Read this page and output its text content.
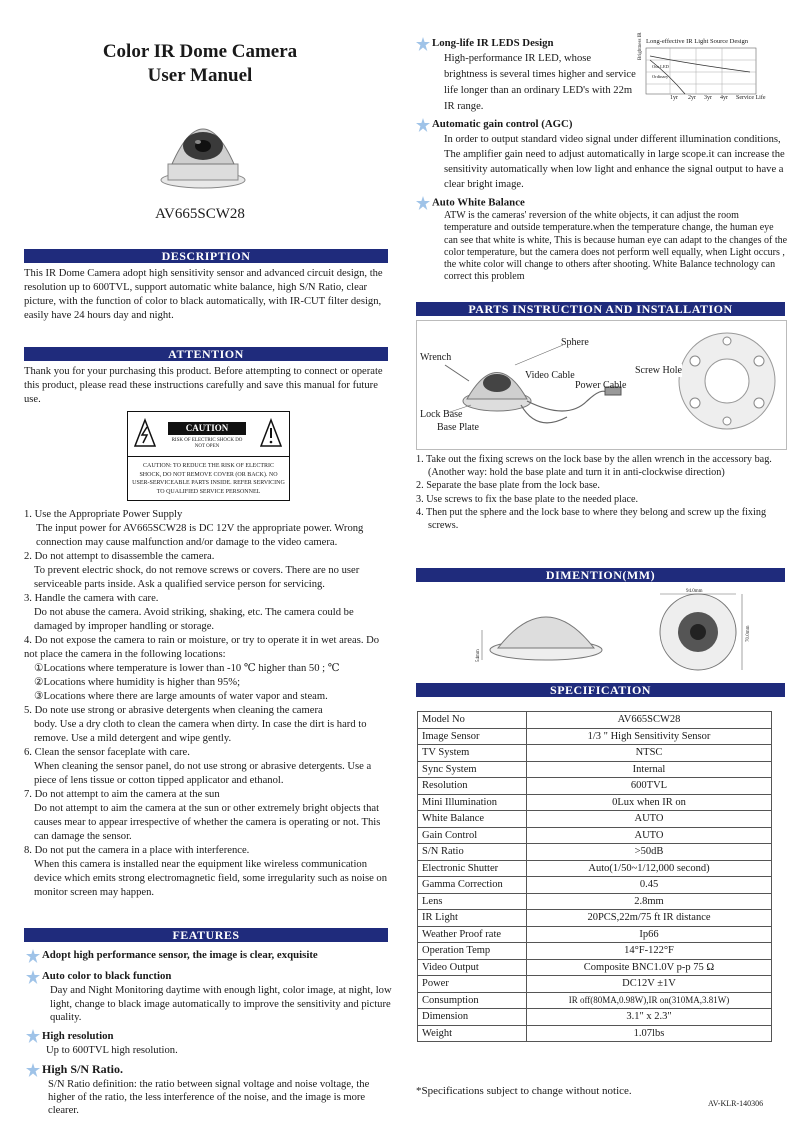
Color IR Dome Camera
User Manuel
AV665SCW28
DESCRIPTION
This IR Dome Camera adopt high sensitivity sensor and advanced circuit design, the resolution up to 600TVL, support automatic white balance, high S/N Ratio, clear picture, with the function of color to black automatically, with IR-CUT filter design, easily have 24 hours day and night.
ATTENTION
Thank you for your purchasing this product. Before attempting to connect or operate this product, please read these instructions carefully and save this manual for future use.
CAUTION
RISK OF ELECTRIC SHOCK DO NOT OPEN
CAUTION: TO REDUCE THE RISK OF ELECTRIC SHOCK, DO NOT REMOVE COVER (OR BACK). NO USER-SERVICEABLE PARTS INSIDE. REFER SERVICING TO QUALIFIED SERVICE PERSONNEL
1. Use the Appropriate Power Supply
The input power for AV665SCW28 is DC 12V the appropriate power. Wrong connection may cause malfunction and/or damage to the video camera.
2. Do not attempt to disassemble the camera.
To prevent electric shock, do not remove screws or covers. There are no user serviceable parts inside. Ask a qualified service person for servicing.
3. Handle the camera with care.
Do not abuse the camera. Avoid striking, shaking, etc. The camera could be damaged by improper handling or storage.
4. Do not expose the camera to rain or moisture, or try to operate it in wet areas. Do not place the camera in the following locations:
①Locations where temperature is lower than -10 ℃ higher than 50 ; ℃
②Locations where humidity is higher than 95%;
③Locations where there are large amounts of water vapor and steam.
5. Do note use strong or abrasive detergents when cleaning the camera
body. Use a dry cloth to clean the camera when dirty. In case the dirt is hard to remove. Use a mild detergent and wipe gently.
6. Clean the sensor faceplate with care.
When cleaning the sensor panel, do not use strong or abrasive detergents. Use a piece of lens tissue or cotton tipped applicator and ethanol.
7. Do not attempt to aim the camera at the sun
Do not attempt to aim the camera at the sun or other extremely bright objects that causes mear to appear irrespective of whether the camera is operating or not. This can damage the sensor.
8. Do not put the camera in a place with interference.
When this camera is installed near the equipment like wireless communication device which emits strong electromagnetic field, some irregularity such as noise on monitor screen may happen.
FEATURES
Adopt high performance sensor, the image is clear, exquisite
Auto color to black function
Day and Night Monitoring daytime with enough light, color image, at night, low light, change to black image automatically to improve the sensitivity and picture quality.
High resolution
Up to 600TVL high resolution.
High S/N Ratio.
S/N Ratio definition: the ratio between signal voltage and noise voltage, the higher of the ratio, the less interference of the noise, and the image is more clearer.
Long-life IR LEDS Design
High-performance IR LED, whose brightness is several times higher and service life longer than an ordinary LED's with 22m IR range.
Long-effective IR Light Source Design
Brightness IR
Our LED
Ordinary
1yr 2yr 3yr 4yr Service Life
Automatic gain control (AGC)
In order to output standard video signal under different illumination conditions, The amplifier gain need to adjust automatically in large scope.it can increase the sensitivity automatically when low light and enhance the signal output to have a clear bright image.
Auto White Balance
ATW is the cameras' reversion of the white objects, it can adjust the room temperature and outside temperature.when the temperature change, the human eye can see that white is white, This is because human eye can adapt to the changes of the color temperature, but the camera does not perform well equally, when Light occurs , the white color will change to others after shooting. White Balance technology can correct this problem
PARTS INSTRUCTION AND INSTALLATION
Sphere
Wrench
Video Cable
Power Cable
Screw Hole
Lock Base
Base Plate
1. Take out the fixing screws on the lock base by the allen wrench in the accessory bag. (Another way: hold the base plate and turn it in anti-clockwise direction)
2. Separate the base plate from the lock base.
3. Use screws to fix the base plate to the needed place.
4. Then put the sphere and the lock base to where they belong and screw up the fixing screws.
DIMENTION(MM)
94.0mm
70.0mm
54mm
SPECIFICATION
Model No	AV665SCW28
Image Sensor	1/3 " High Sensitivity Sensor
TV System	NTSC
Sync System	Internal
Resolution	600TVL
Mini Illumination	0Lux when IR on
White Balance	AUTO
Gain Control	AUTO
S/N Ratio	>50dB
Electronic Shutter	Auto(1/50~1/12,000 second)
Gamma Correction	0.45
Lens	2.8mm
IR Light	20PCS,22m/75 ft IR distance
Weather Proof rate	Ip66
Operation Temp	14°F-122°F
Video Output	Composite BNC1.0V p-p 75 Ω
Power	DC12V ±1V
Consumption	IR off(80MA,0.98W),IR on(310MA,3.81W)
Dimension	3.1" x 2.3"
Weight	1.07lbs
*Specifications subject to change without notice.
AV-KLR-140306
